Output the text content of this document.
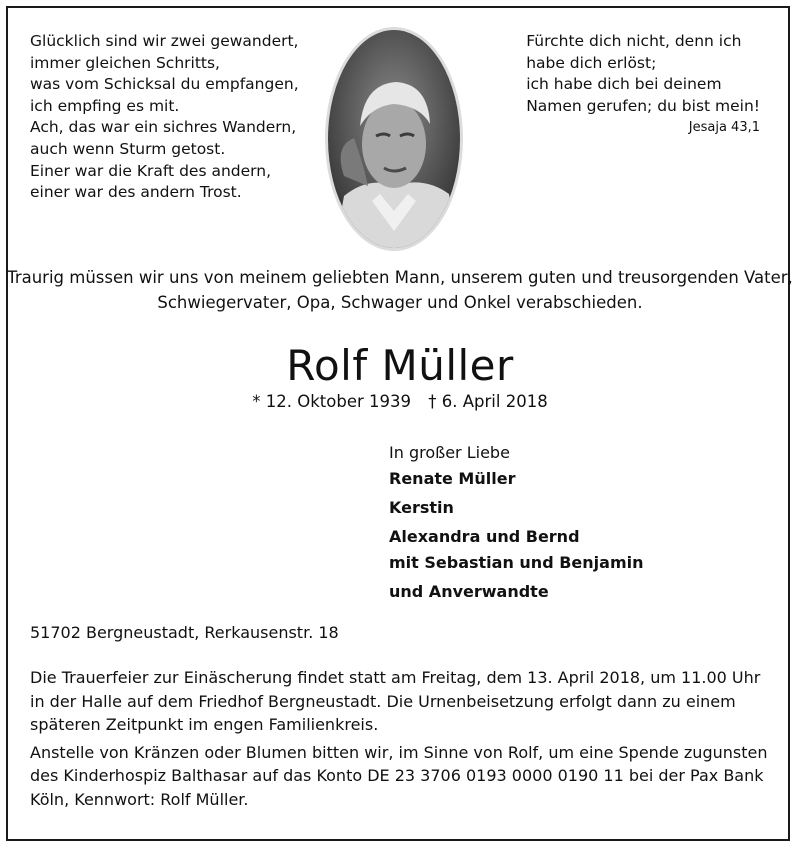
Glücklich sind wir zwei gewandert,
immer gleichen Schritts,
was vom Schicksal du empfangen,
ich empfing es mit.
Ach, das war ein sichres Wandern,
auch wenn Sturm getost.
Einer war die Kraft des andern,
einer war des andern Trost.
Fürchte dich nicht, denn ich
habe dich erlöst;
ich habe dich bei deinem
Namen gerufen; du bist mein!
Jesaja 43,1
Traurig müssen wir uns von meinem geliebten Mann, unserem guten und treusorgenden Vater,
Schwiegervater, Opa, Schwager und Onkel verabschieden.
Rolf Müller
* 12. Oktober 1939 † 6. April 2018
In großer Liebe
Renate Müller
Kerstin
Alexandra und Bernd
mit Sebastian und Benjamin
und Anverwandte
51702 Bergneustadt, Rerkausenstr. 18

Die Trauerfeier zur Einäscherung findet statt am Freitag, dem 13. April 2018, um 11.00 Uhr in der Halle auf dem Friedhof Bergneustadt. Die Urnenbeisetzung erfolgt dann zu einem späteren Zeitpunkt im engen Familienkreis.

Anstelle von Kränzen oder Blumen bitten wir, im Sinne von Rolf, um eine Spende zugunsten des Kinderhospiz Balthasar auf das Konto DE 23 3706 0193 0000 0190 11 bei der Pax Bank Köln, Kennwort: Rolf Müller.
